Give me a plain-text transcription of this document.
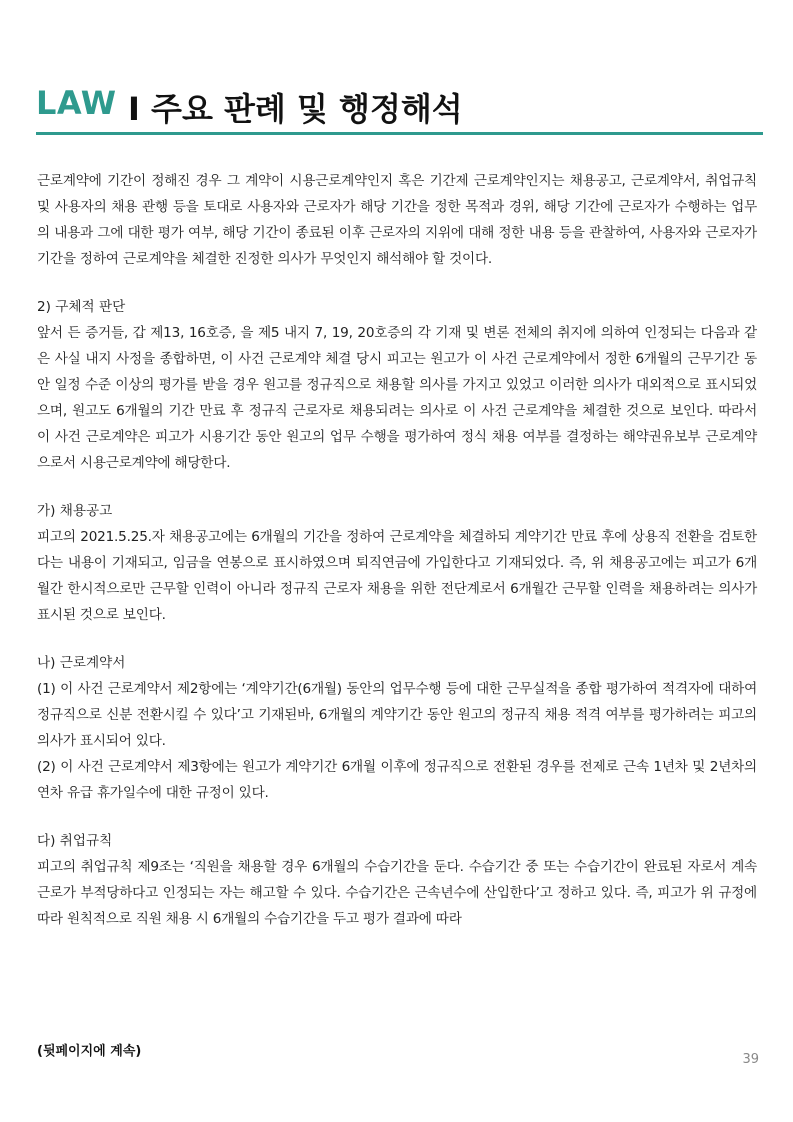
LAW I 주요 판례 및 행정해석

근로계약에 기간이 정해진 경우 그 계약이 시용근로계약인지 혹은 기간제 근로계약인지는 채용공고, 근로계약서, 취업규칙 및 사용자의 채용 관행 등을 토대로 사용자와 근로자가 해당 기간을 정한 목적과 경위, 해당 기간에 근로자가 수행하는 업무의 내용과 그에 대한 평가 여부, 해당 기간이 종료된 이후 근로자의 지위에 대해 정한 내용 등을 관찰하여, 사용자와 근로자가 기간을 정하여 근로계약을 체결한 진정한 의사가 무엇인지 해석해야 할 것이다.

2) 구체적 판단

앞서 든 증거들, 갑 제13, 16호증, 을 제5 내지 7, 19, 20호증의 각 기재 및 변론 전체의 취지에 의하여 인정되는 다음과 같은 사실 내지 사정을 종합하면, 이 사건 근로계약 체결 당시 피고는 원고가 이 사건 근로계약에서 정한 6개월의 근무기간 동안 일정 수준 이상의 평가를 받을 경우 원고를 정규직으로 채용할 의사를 가지고 있었고 이러한 의사가 대외적으로 표시되었으며, 원고도 6개월의 기간 만료 후 정규직 근로자로 채용되려는 의사로 이 사건 근로계약을 체결한 것으로 보인다. 따라서 이 사건 근로계약은 피고가 시용기간 동안 원고의 업무 수행을 평가하여 정식 채용 여부를 결정하는 해약권유보부 근로계약으로서 시용근로계약에 해당한다.

가) 채용공고

피고의 2021.5.25.자 채용공고에는 6개월의 기간을 정하여 근로계약을 체결하되 계약기간 만료 후에 상용직 전환을 검토한다는 내용이 기재되고, 임금을 연봉으로 표시하였으며 퇴직연금에 가입한다고 기재되었다. 즉, 위 채용공고에는 피고가 6개월간 한시적으로만 근무할 인력이 아니라 정규직 근로자 채용을 위한 전단계로서 6개월간 근무할 인력을 채용하려는 의사가 표시된 것으로 보인다.

나) 근로계약서

(1) 이 사건 근로계약서 제2항에는 ‘계약기간(6개월) 동안의 업무수행 등에 대한 근무실적을 종합 평가하여 적격자에 대하여 정규직으로 신분 전환시킬 수 있다’고 기재된바, 6개월의 계약기간 동안 원고의 정규직 채용 적격 여부를 평가하려는 피고의 의사가 표시되어 있다.

(2) 이 사건 근로계약서 제3항에는 원고가 계약기간 6개월 이후에 정규직으로 전환된 경우를 전제로 근속 1년차 및 2년차의 연차 유급 휴가일수에 대한 규정이 있다.

다) 취업규칙

피고의 취업규칙 제9조는 ‘직원을 채용할 경우 6개월의 수습기간을 둔다. 수습기간 중 또는 수습기간이 완료된 자로서 계속 근로가 부적당하다고 인정되는 자는 해고할 수 있다. 수습기간은 근속년수에 산입한다’고 정하고 있다. 즉, 피고가 위 규정에 따라 원칙적으로 직원 채용 시 6개월의 수습기간을 두고 평가 결과에 따라

(뒷페이지에 계속)
39
